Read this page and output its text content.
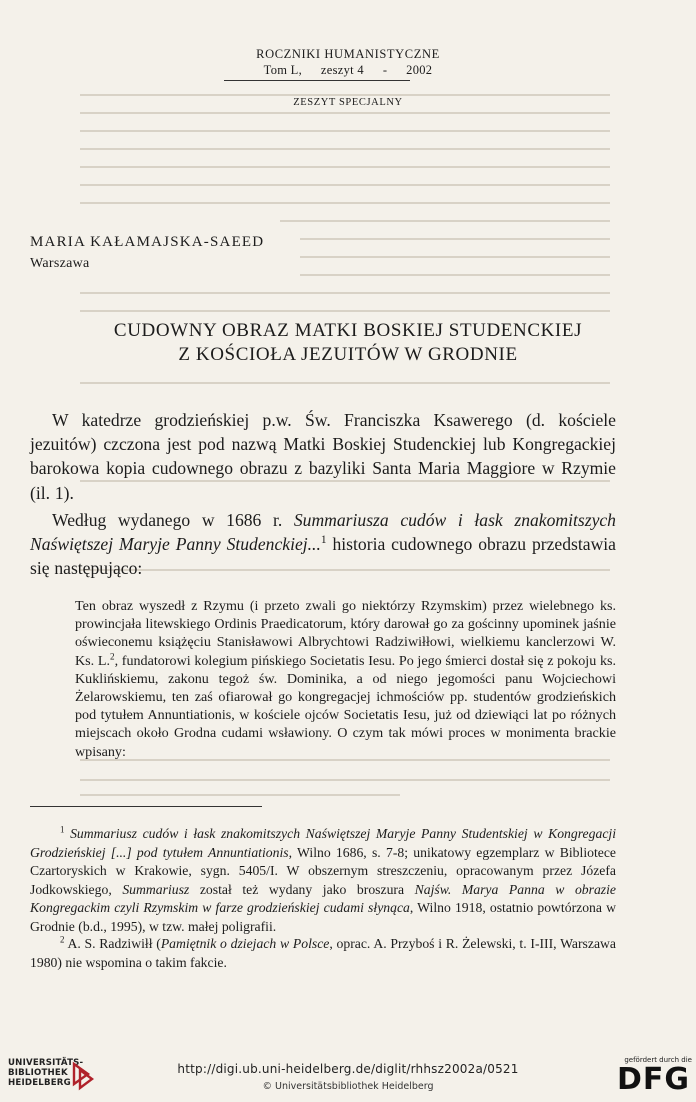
ROCZNIKI HUMANISTYCZNE
Tom L, zeszyt 4 - 2002
ZESZYT SPECJALNY
MARIA KAŁAMAJSKA-SAEED
Warszawa
CUDOWNY OBRAZ MATKI BOSKIEJ STUDENCKIEJ
Z KOŚCIOŁA JEZUITÓW W GRODNIE

W katedrze grodzieńskiej p.w. Św. Franciszka Ksawerego (d. kościele jezuitów) czczona jest pod nazwą Matki Boskiej Studenckiej lub Kongregackiej barokowa kopia cudownego obrazu z bazyliki Santa Maria Maggiore w Rzymie (il. 1).

Według wydanego w 1686 r. Summariusza cudów i łask znakomitszych Naświętszej Maryje Panny Studenckiej...$^1$ historia cudownego obrazu przedstawia się następująco:

Ten obraz wyszedł z Rzymu (i przeto zwali go niektórzy Rzymskim) przez wielebnego ks. prowincjała litewskiego Ordinis Praedicatorum, który darował go za gościnny upominek jaśnie oświeconemu książęciu Stanisławowi Albrychtowi Radziwiłłowi, wielkiemu kanclerzowi W. Ks. L.$^2$, fundatorowi kolegium pińskiego Societatis Iesu. Po jego śmierci dostał się z pokoju ks. Kuklińskiemu, zakonu tegoż św. Dominika, a od niego jegomości panu Wojciechowi Żelarowskiemu, ten zaś ofiarował go kongregacjej ichmościów pp. studentów grodzieńskich pod tytułem Annuntiationis, w kościele ojców Societatis Iesu, już od dziewiąci lat po różnych miejscach około Grodna cudami wsławiony. O czym tak mówi proces w monimenta brackie wpisany:

$^1$ Summariusz cudów i łask znakomitszych Naświętszej Maryje Panny Studentskiej w Kongregacji Grodzieńskiej [...] pod tytułem Annuntiationis, Wilno 1686, s. 7-8; unikatowy egzemplarz w Bibliotece Czartoryskich w Krakowie, sygn. 5405/I. W obszernym streszczeniu, opracowanym przez Józefa Jodkowskiego, Summariusz został też wydany jako broszura Najśw. Marya Panna w obrazie Kongregackim czyli Rzymskim w farze grodzieńskiej cudami słynąca, Wilno 1918, ostatnio powtórzona w Grodnie (b.d., 1995), w tzw. małej poligrafii.

$^2$ A. S. Radziwiłł (Pamiętnik o dziejach w Polsce, oprac. A. Przyboś i R. Żelewski, t. I-III, Warszawa 1980) nie wspomina o takim fakcie.

UNIVERSITÄTS-
BIBLIOTHEK
HEIDELBERG
http://digi.ub.uni-heidelberg.de/diglit/rhhsz2002a/0521
© Universitätsbibliothek Heidelberg
gefördert durch die
DFG
